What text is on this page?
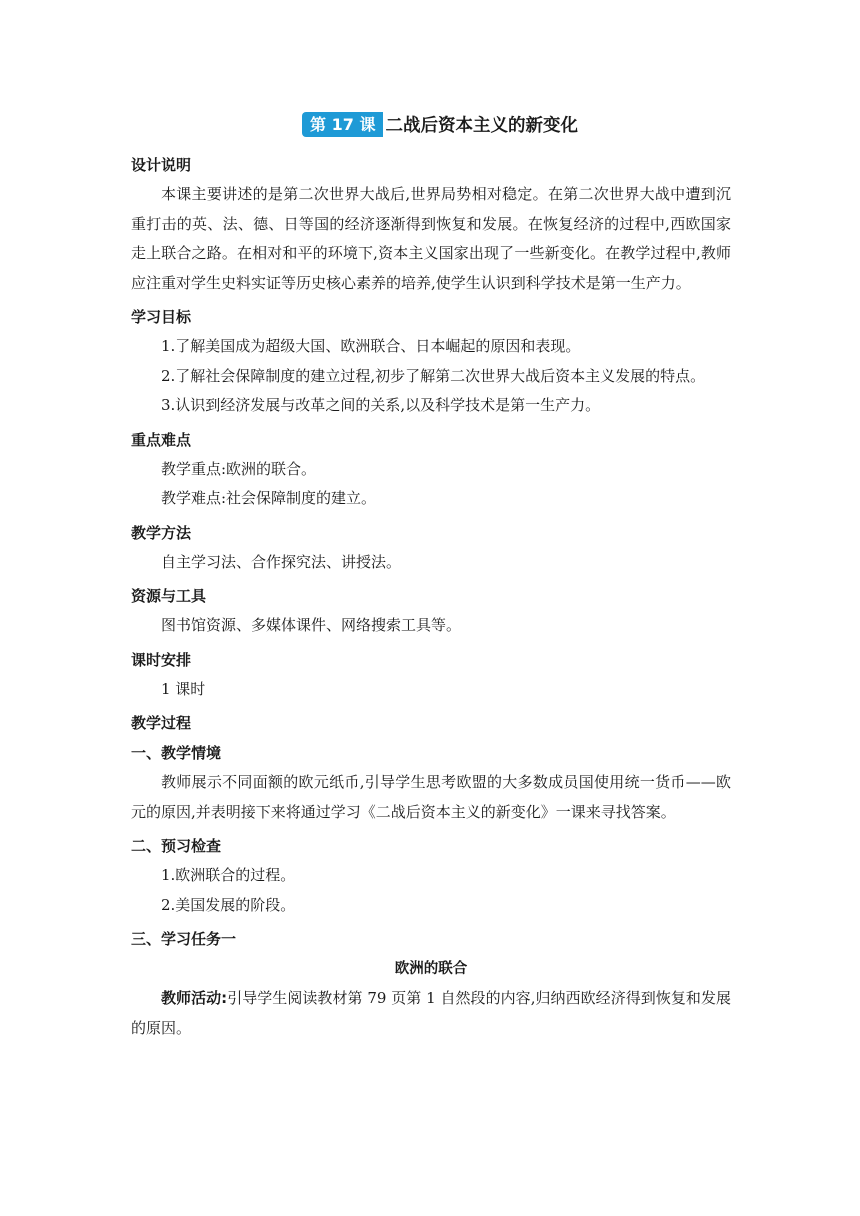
第 17 课 二战后资本主义的新变化
设计说明

本课主要讲述的是第二次世界大战后,世界局势相对稳定。在第二次世界大战中遭到沉重打击的英、法、德、日等国的经济逐渐得到恢复和发展。在恢复经济的过程中,西欧国家走上联合之路。在相对和平的环境下,资本主义国家出现了一些新变化。在教学过程中,教师应注重对学生史料实证等历史核心素养的培养,使学生认识到科学技术是第一生产力。

学习目标

1.了解美国成为超级大国、欧洲联合、日本崛起的原因和表现。

2.了解社会保障制度的建立过程,初步了解第二次世界大战后资本主义发展的特点。

3.认识到经济发展与改革之间的关系,以及科学技术是第一生产力。

重点难点

教学重点:欧洲的联合。

教学难点:社会保障制度的建立。

教学方法

自主学习法、合作探究法、讲授法。

资源与工具

图书馆资源、多媒体课件、网络搜索工具等。

课时安排

1 课时

教学过程
一、教学情境

教师展示不同面额的欧元纸币,引导学生思考欧盟的大多数成员国使用统一货币——欧元的原因,并表明接下来将通过学习《二战后资本主义的新变化》一课来寻找答案。

二、预习检查

1.欧洲联合的过程。

2.美国发展的阶段。

三、学习任务一
欧洲的联合

教师活动:引导学生阅读教材第 79 页第 1 自然段的内容,归纳西欧经济得到恢复和发展的原因。
